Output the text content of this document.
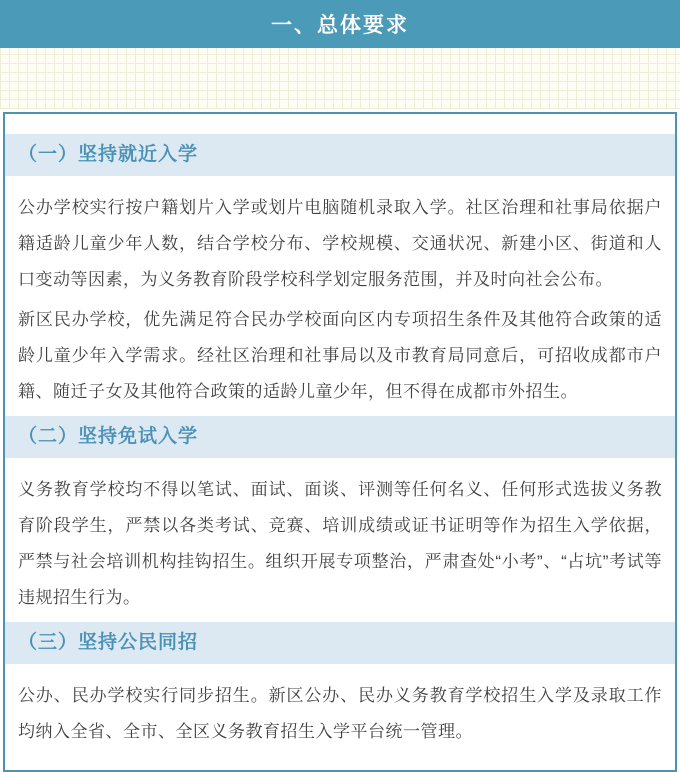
一、总体要求
（一）坚持就近入学

公办学校实行按户籍划片入学或划片电脑随机录取入学。社区治理和社事局依据户籍适龄儿童少年人数，结合学校分布、学校规模、交通状况、新建小区、街道和人口变动等因素，为义务教育阶段学校科学划定服务范围，并及时向社会公布。

新区民办学校，优先满足符合民办学校面向区内专项招生条件及其他符合政策的适龄儿童少年入学需求。经社区治理和社事局以及市教育局同意后，可招收成都市户籍、随迁子女及其他符合政策的适龄儿童少年，但不得在成都市外招生。

（二）坚持免试入学

义务教育学校均不得以笔试、面试、面谈、评测等任何名义、任何形式选拔义务教育阶段学生，严禁以各类考试、竞赛、培训成绩或证书证明等作为招生入学依据，严禁与社会培训机构挂钩招生。组织开展专项整治，严肃查处“小考”、“占坑”考试等违规招生行为。

（三）坚持公民同招

公办、民办学校实行同步招生。新区公办、民办义务教育学校招生入学及录取工作均纳入全省、全市、全区义务教育招生入学平台统一管理。
